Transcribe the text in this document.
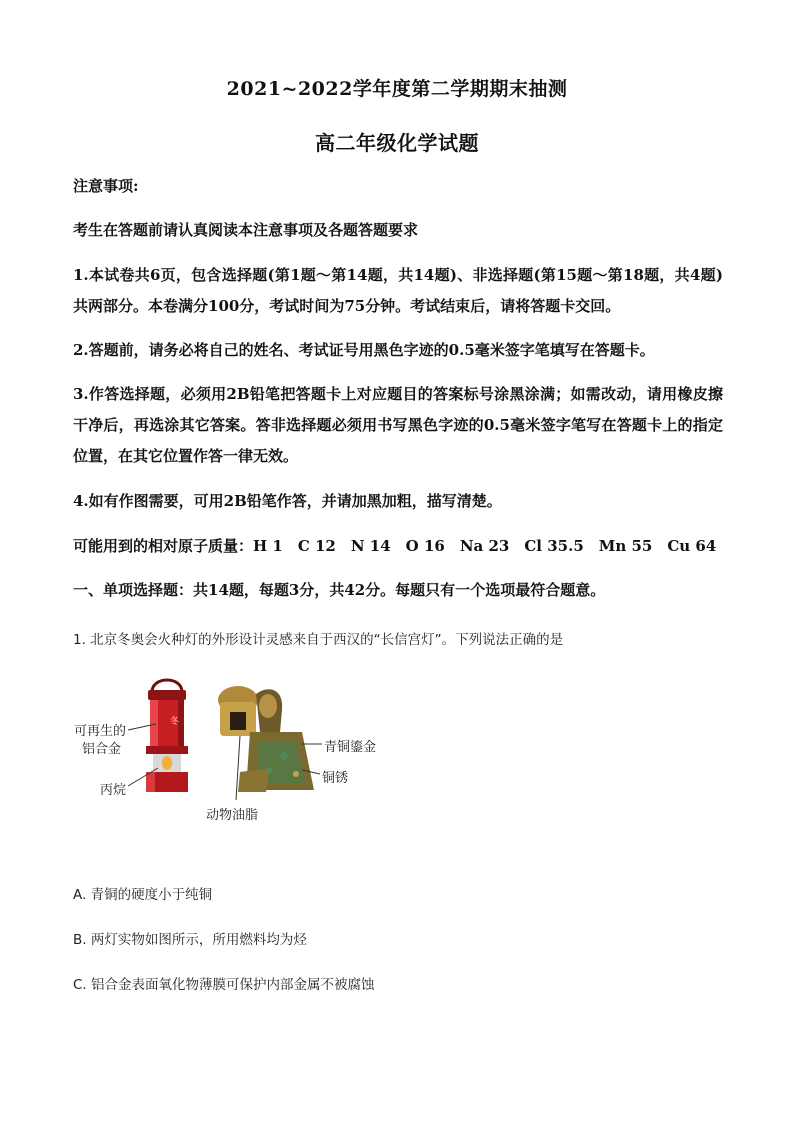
2021~2022学年度第二学期期末抽测
高二年级化学试题
注意事项:
考生在答题前请认真阅读本注意事项及各题答题要求
1.本试卷共6页，包含选择题(第1题～第14题，共14题)、非选择题(第15题～第18题，共4题)共两部分。本卷满分100分，考试时间为75分钟。考试结束后，请将答题卡交回。
2.答题前，请务必将自己的姓名、考试证号用黑色字迹的0.5毫米签字笔填写在答题卡。
3.作答选择题，必须用2B铅笔把答题卡上对应题目的答案标号涂黑涂满；如需改动，请用橡皮擦干净后，再选涂其它答案。答非选择题必须用书写黑色字迹的0.5毫米签字笔写在答题卡上的指定位置，在其它位置作答一律无效。
4.如有作图需要，可用2B铅笔作答，并请加黑加粗，描写清楚。
可能用到的相对原子质量：H 1　C 12　N 14　O 16　Na 23　Cl 35.5　Mn 55　Cu 64
一、单项选择题：共14题，每题3分，共42分。每题只有一个选项最符合题意。
1. 北京冬奥会火种灯的外形设计灵感来自于西汉的“长信宫灯”。下列说法正确的是
冬
可再生的
铝合金
丙烷
青铜鎏金
铜锈
动物油脂
A. 青铜的硬度小于纯铜
B. 两灯实物如图所示，所用燃料均为烃
C. 铝合金表面氧化物薄膜可保护内部金属不被腐蚀
